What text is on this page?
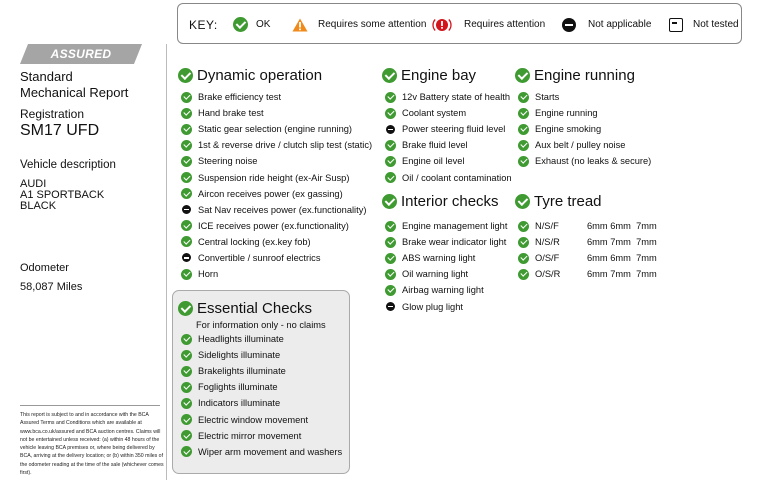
KEY:	OK	Requires some attention	Requires attention	Not applicable	Not tested
ASSURED
Standard
Mechanical Report
Registration
SM17 UFD
Vehicle description
AUDI
A1 SPORTBACK
BLACK
Odometer
58,087 Miles
This report is subject to and in accordance with the BCA Assured Terms and Conditions which are available at www.bca.co.uk/assured and BCA auction centres. Claims will not be entertained unless received: (a) within 48 hours of the vehicle leaving BCA premises or, where being delivered by BCA, arriving at the delivery location; or (b) within 350 miles of the odometer reading at the time of the sale (whichever comes first).
Dynamic operation
Brake efficiency test
Hand brake test
Static gear selection (engine running)
1st & reverse drive / clutch slip test (static)
Steering noise
Suspension ride height (ex-Air Susp)
Aircon receives power (ex gassing)
Sat Nav receives power (ex.functionality)
ICE receives power (ex.functionality)
Central locking (ex.key fob)
Convertible / sunroof electrics
Horn
Essential Checks
For information only - no claims
Headlights illuminate
Sidelights illuminate
Brakelights illuminate
Foglights illuminate
Indicators illuminate
Electric window movement
Electric mirror movement
Wiper arm movement and washers
Engine bay
12v Battery state of health
Coolant system
Power steering fluid level
Brake fluid level
Engine oil level
Oil / coolant contamination
Interior checks
Engine management light
Brake wear indicator light
ABS warning light
Oil warning light
Airbag warning light
Glow plug light
Engine running
Starts
Engine running
Engine smoking
Aux belt / pulley noise
Exhaust (no leaks & secure)
Tyre tread
N/S/F	6mm 6mm  7mm
N/S/R	6mm 7mm  7mm
O/S/F	6mm 6mm  7mm
O/S/R	6mm 7mm  7mm
